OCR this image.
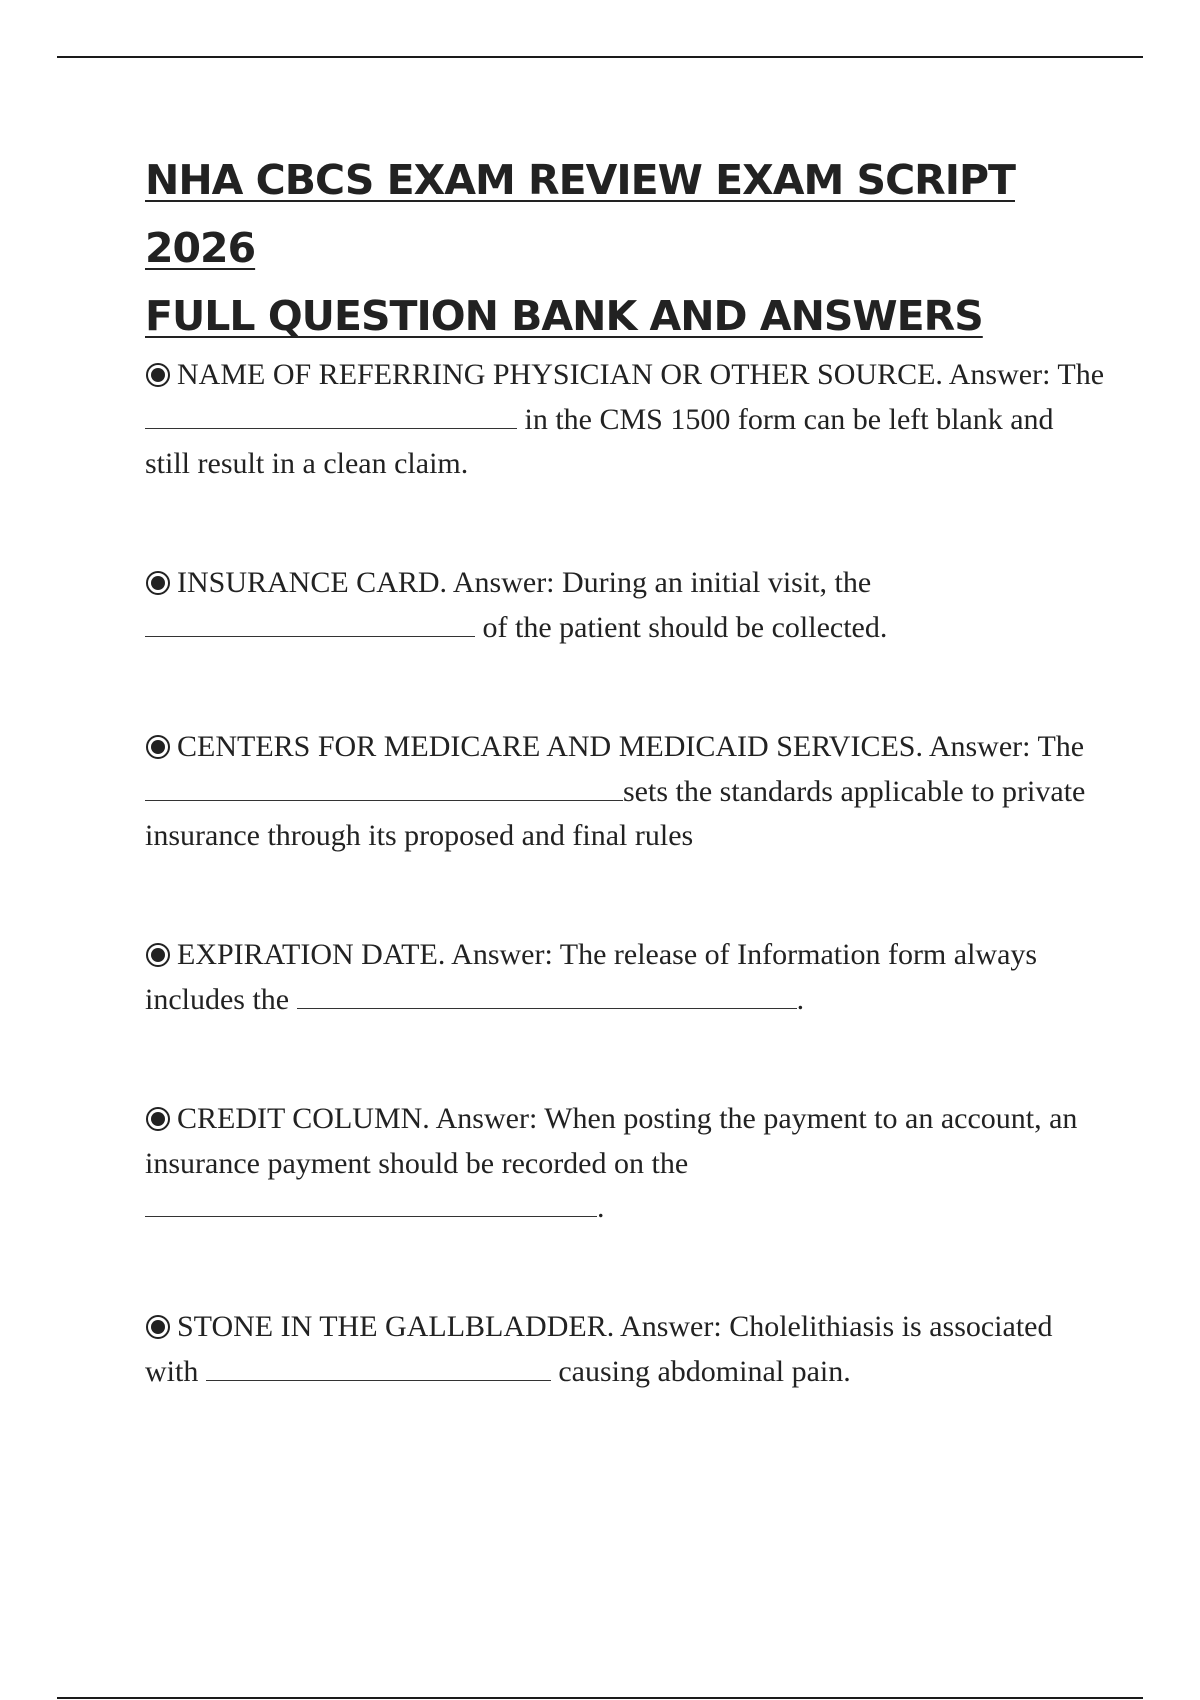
NHA CBCS EXAM REVIEW EXAM SCRIPT 2026
FULL QUESTION BANK AND ANSWERS

NAME OF REFERRING PHYSICIAN OR OTHER SOURCE. Answer: The  in the CMS 1500 form can be left blank and still result in a clean claim.

INSURANCE CARD. Answer: During an initial visit, the  of the patient should be collected.

CENTERS FOR MEDICARE AND MEDICAID SERVICES. Answer: The sets the standards applicable to private insurance through its proposed and final rules

EXPIRATION DATE. Answer: The release of Information form always includes the	.

CREDIT COLUMN. Answer: When posting the payment to an account, an insurance payment should be recorded on the
.

STONE IN THE GALLBLADDER. Answer: Cholelithiasis is associated with	causing abdominal pain.
